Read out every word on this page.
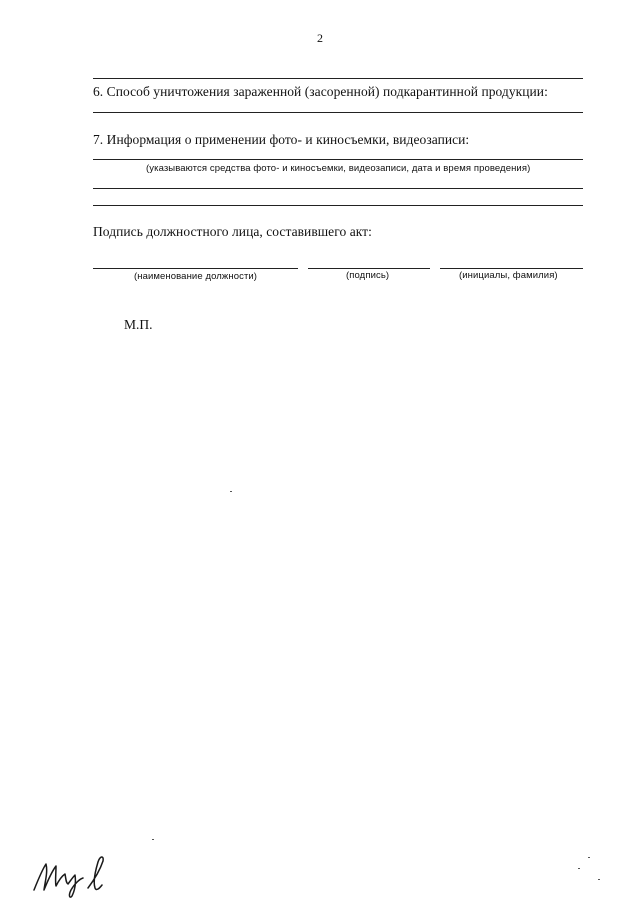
2
6. Способ уничтожения зараженной (засоренной) подкарантинной продукции:
7. Информация о применении фото- и киносъемки, видеозаписи:
(указываются средства фото- и киносъемки, видеозаписи, дата и время проведения)
Подпись должностного лица, составившего акт:
(наименование должности)	(подпись)	(инициалы, фамилия)
М.П.
